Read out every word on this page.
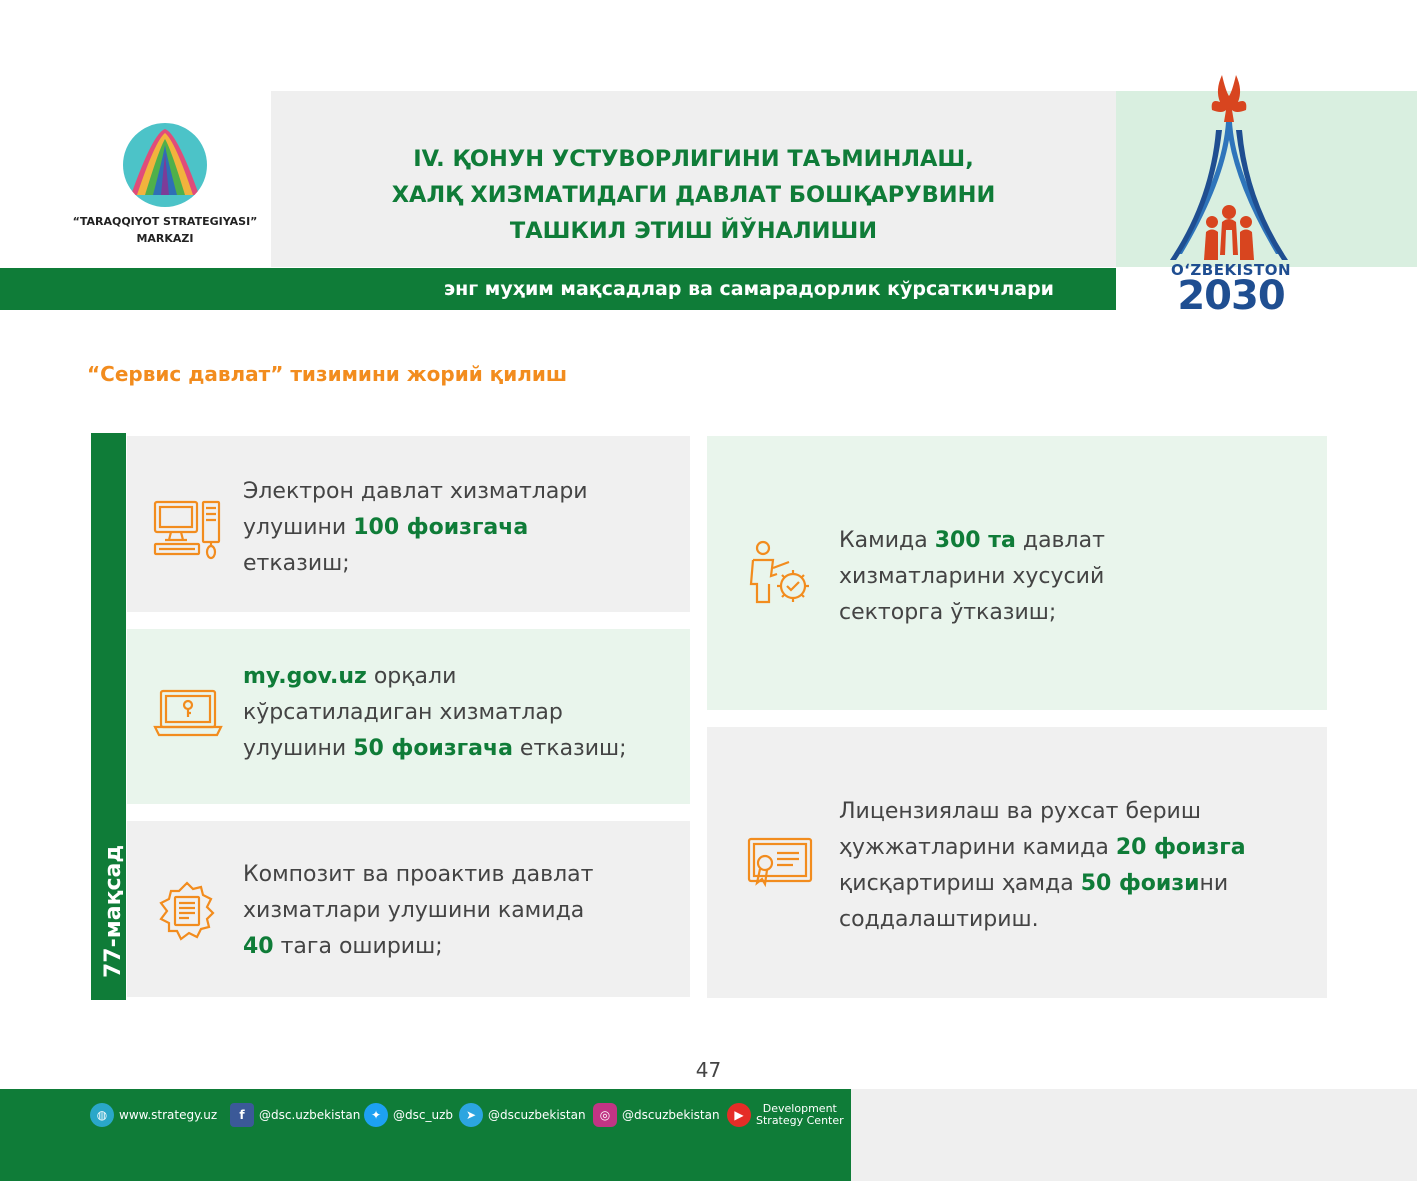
“TARAQQIYOT STRATEGIYASI”
MARKAZI
IV. ҚОНУН УСТУВОРЛИГИНИ ТАЪМИНЛАШ,
ХАЛҚ ХИЗМАТИДАГИ ДАВЛАТ БОШҚАРУВИНИ
ТАШКИЛ ЭТИШ ЙЎНАЛИШИ
энг муҳим мақсадлар ва самарадорлик кўрсаткичлари
OʻZBEKISTON
2030
“Сервис давлат” тизимини жорий қилиш
77-мақсад
Электрон давлат хизматлари
улушини 100 фоизгача
етказиш;
my.gov.uz орқали
кўрсатиладиган хизматлар
улушини 50 фоизгача етказиш;
Композит ва проактив давлат
хизматлари улушини камида
40 тага ошириш;
Камида 300 та давлат
хизматларини хусусий
секторга ўтказиш;
Лицензиялаш ва рухсат бериш
ҳужжатларини камида 20 фоизга
қисқартириш ҳамда 50 фоизини
соддалаштириш.
47
◍ www.strategy.uz	f	@dsc.uzbekistan ✦ @dsc_uzb	➤ @dscuzbekistan	◎ @dscuzbekistan	▶	Development
Strategy Center
